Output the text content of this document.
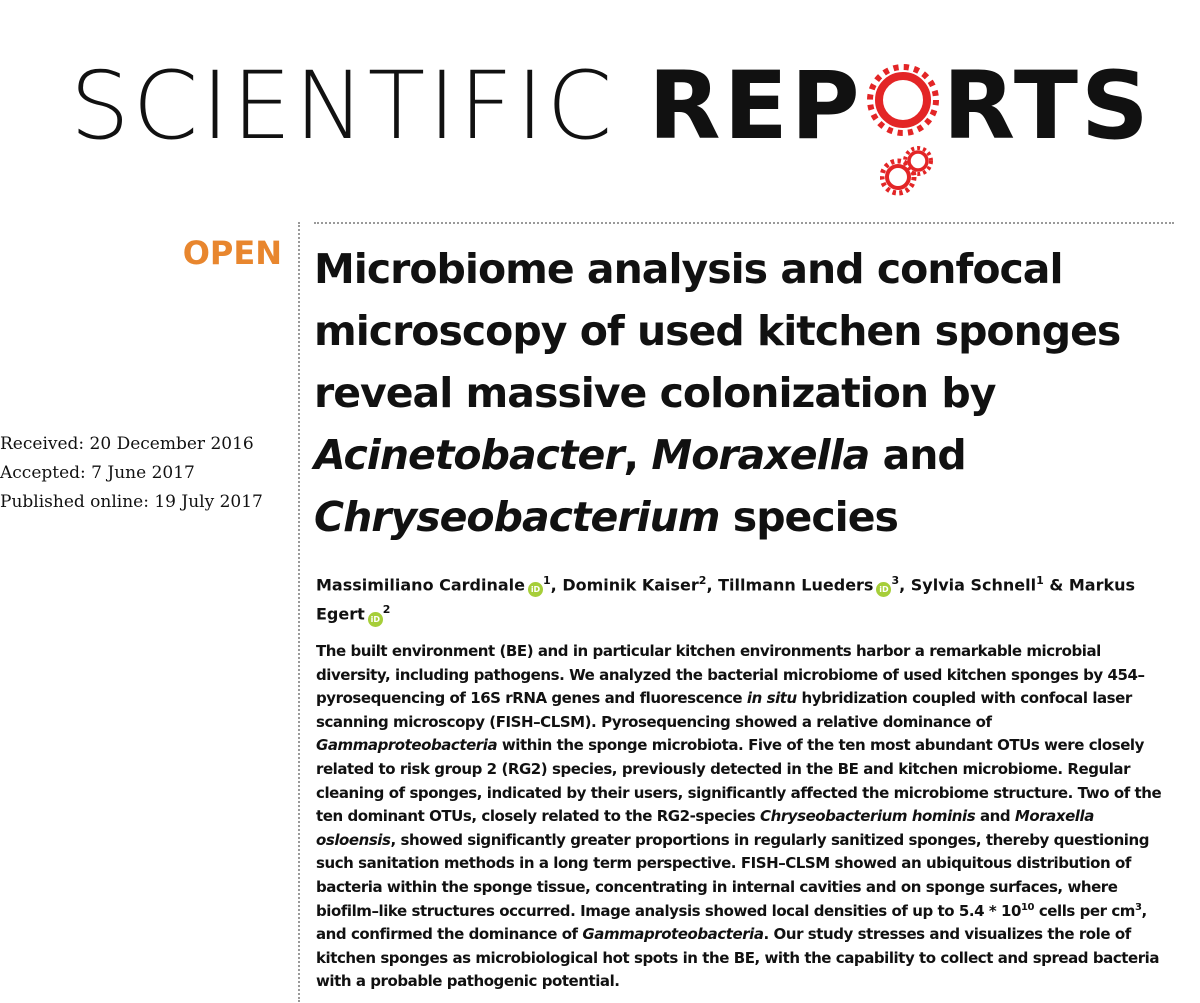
SCIENTIFIC REP RTS
OPEN
Received: 20 December 2016
Accepted: 7 June 2017
Published online: 19 July 2017
Microbiome analysis and confocal microscopy of used kitchen sponges reveal massive colonization by Acinetobacter, Moraxella and Chryseobacterium species
Massimiliano Cardinale $iD^1$, Dominik Kaiser$^2$, Tillmann Lueders $iD^3$, Sylvia Schnell$^1$ & Markus Egert $iD^2$

The built environment (BE) and in particular kitchen environments harbor a remarkable microbial diversity, including pathogens. We analyzed the bacterial microbiome of used kitchen sponges by 454–pyrosequencing of 16S rRNA genes and fluorescence in situ hybridization coupled with confocal laser scanning microscopy (FISH–CLSM). Pyrosequencing showed a relative dominance of Gammaproteobacteria within the sponge microbiota. Five of the ten most abundant OTUs were closely related to risk group 2 (RG2) species, previously detected in the BE and kitchen microbiome. Regular cleaning of sponges, indicated by their users, significantly affected the microbiome structure. Two of the ten dominant OTUs, closely related to the RG2-species Chryseobacterium hominis and Moraxella osloensis, showed significantly greater proportions in regularly sanitized sponges, thereby questioning such sanitation methods in a long term perspective. FISH–CLSM showed an ubiquitous distribution of bacteria within the sponge tissue, concentrating in internal cavities and on sponge surfaces, where biofilm–like structures occurred. Image analysis showed local densities of up to $5.4 * 10^{10}$ cells per $cm^3$, and confirmed the dominance of Gammaproteobacteria. Our study stresses and visualizes the role of kitchen sponges as microbiological hot spots in the BE, with the capability to collect and spread bacteria with a probable pathogenic potential.
